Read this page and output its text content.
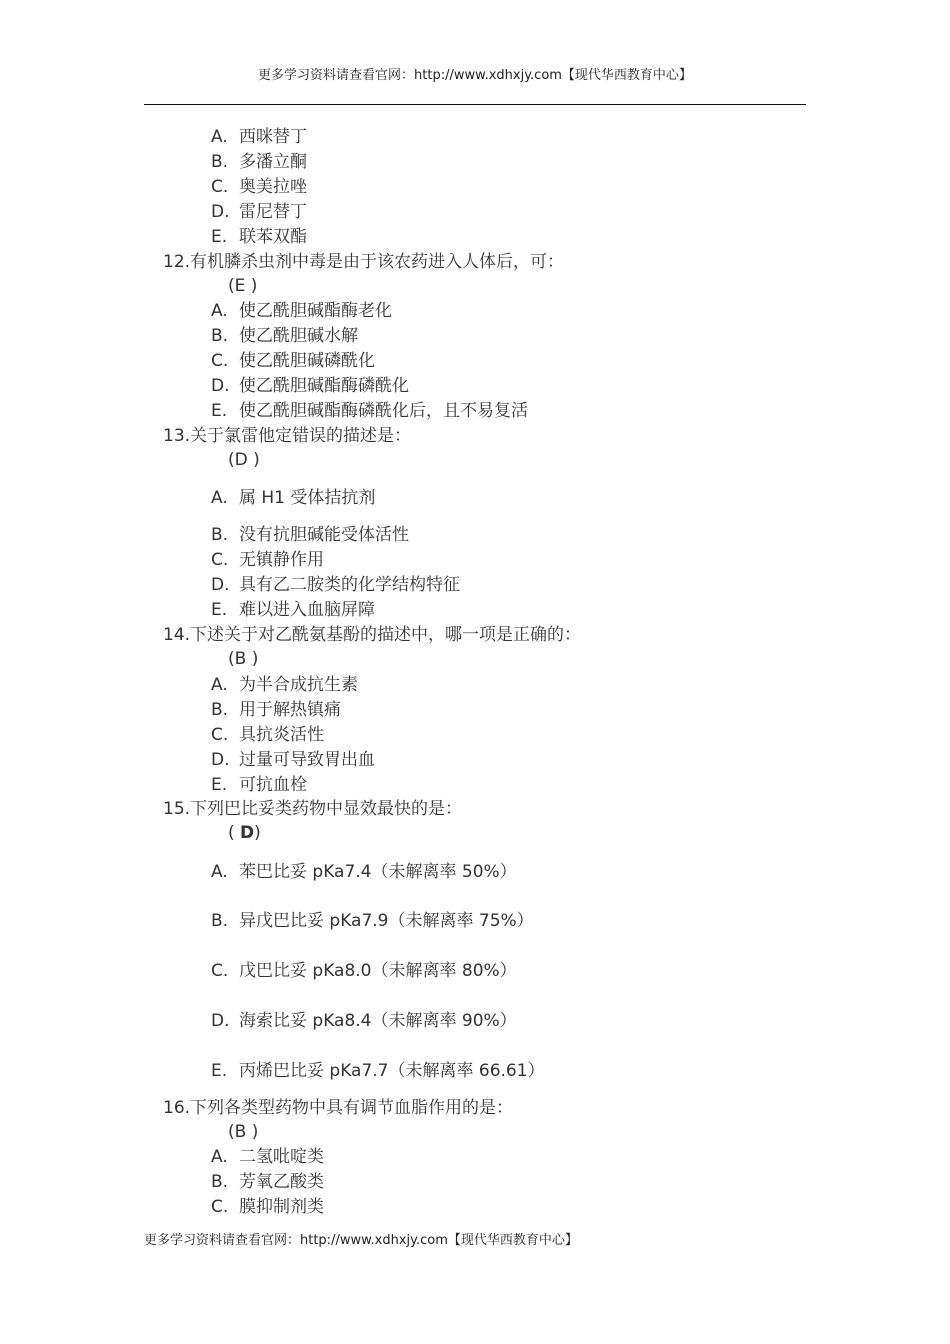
更多学习资料请查看官网：http://www.xdhxjy.com【现代华西教育中心】
A. 西咪替丁
B. 多潘立酮
C. 奥美拉唑
D. 雷尼替丁
E. 联苯双酯
12.有机膦杀虫剂中毒是由于该农药进入人体后，可：
(E )
A. 使乙酰胆碱酯酶老化
B. 使乙酰胆碱水解
C. 使乙酰胆碱磷酰化
D. 使乙酰胆碱酯酶磷酰化
E. 使乙酰胆碱酯酶磷酰化后，且不易复活
13.关于氯雷他定错误的描述是：
(D )
A. 属 H1 受体拮抗剂
B. 没有抗胆碱能受体活性
C. 无镇静作用
D. 具有乙二胺类的化学结构特征
E. 难以进入血脑屏障
14.下述关于对乙酰氨基酚的描述中，哪一项是正确的：
(B )
A. 为半合成抗生素
B. 用于解热镇痛
C. 具抗炎活性
D. 过量可导致胃出血
E. 可抗血栓
15.下列巴比妥类药物中显效最快的是：
( D)
A. 苯巴比妥 pKa7.4（未解离率 50%）
B. 异戊巴比妥 pKa7.9（未解离率 75%）
C. 戊巴比妥 pKa8.0（未解离率 80%）
D. 海索比妥 pKa8.4（未解离率 90%）
E. 丙烯巴比妥 pKa7.7（未解离率 66.61）
16.下列各类型药物中具有调节血脂作用的是：
(B )
A. 二氢吡啶类
B. 芳氧乙酸类
C. 膜抑制剂类
更多学习资料请查看官网：http://www.xdhxjy.com【现代华西教育中心】
